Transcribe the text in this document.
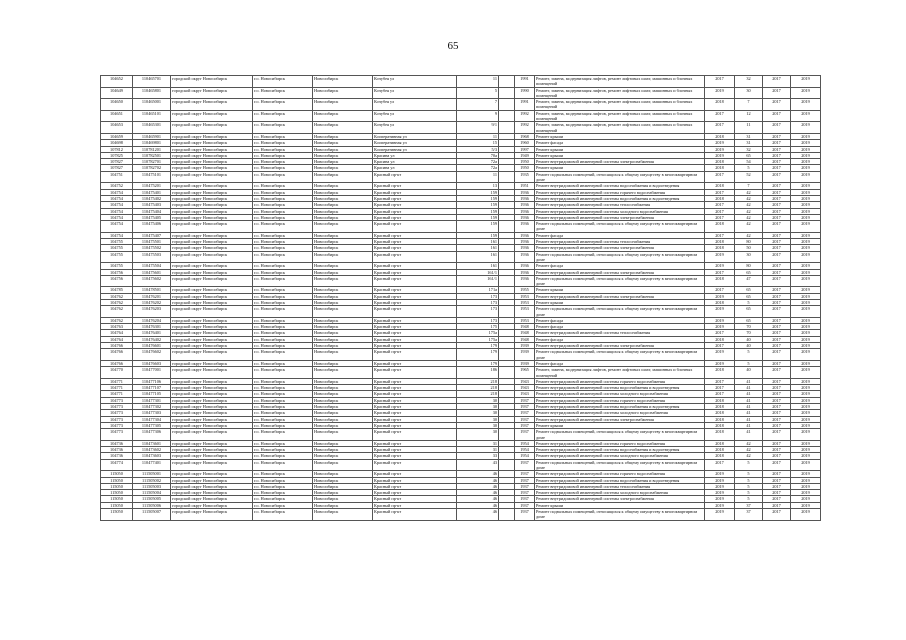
65
104652	110465701	городской округ Новосибирск	г.о. Новосибирск	Новосибирск	Кочубея ул	11		1991	Ремонт, замена, модернизация лифтов, ремонт лифтовых шахт, машинных и блочных помещений	2017	32	2017	2019
104649	110465801	городской округ Новосибирск	г.о. Новосибирск	Новосибирск	Кочубея ул	5		1990	Ремонт, замена, модернизация лифтов, ремонт лифтовых шахт, машинных и блочных помещений	2019	30	2017	2019
104650	110465001	городской округ Новосибирск	г.о. Новосибирск	Новосибирск	Кочубея ул	7		1991	Ремонт, замена, модернизация лифтов, ремонт лифтовых шахт, машинных и блочных помещений	2018	7	2017	2019
104651	110465101	городской округ Новосибирск	г.о. Новосибирск	Новосибирск	Кочубея ул	9		1992	Ремонт, замена, модернизация лифтов, ремонт лифтовых шахт, машинных и блочных помещений	2017	12	2017	2019
104653	110465301	городской округ Новосибирск	г.о. Новосибирск	Новосибирск	Кочубея ул	9/1		1992	Ремонт, замена, модернизация лифтов, ремонт лифтовых шахт, машинных и блочных помещений	2017	11	2017	2019
104659	110465901	городской округ Новосибирск	г.о. Новосибирск	Новосибирск	Кооперативная ул	11		1968	Ремонт крыши	2018	31	2017	2019
104698	110469801	городской округ Новосибирск	г.о. Новосибирск	Новосибирск	Кооперативная ул	15		1960	Ремонт фасада	2019	31	2017	2019
107812	110781201	городской округ Новосибирск	г.о. Новосибирск	Новосибирск	Кооперативная ул	5/3		1997	Ремонт крыши	2019	32	2017	2019
107825	110782501	городской округ Новосибирск	г.о. Новосибирск	Новосибирск	Красина ул	70а		1949	Ремонт крыши	2019	65	2017	2019
107827	110782701	городской округ Новосибирск	г.о. Новосибирск	Новосибирск	Красина ул	72а		1950	Ремонт внутридомовой инженерной системы электроснабжения	2018	54	2017	2019
107827	110782702	городской округ Новосибирск	г.о. Новосибирск	Новосибирск	Красина ул	72а		1950	Ремонт крыши	2018	5	2017	2019
104751	110475101	городской округ Новосибирск	г.о. Новосибирск	Новосибирск	Красный пр-кт	11		1935	Ремонт подвальных помещений, относящихся к общему имуществу в многоквартирном доме	2017	52	2017	2019
104752	110475201	городской округ Новосибирск	г.о. Новосибирск	Новосибирск	Красный пр-кт	13		1951	Ремонт внутридомовой инженерной системы водоснабжения и водоотведения	2018	7	2017	2019
104754	110475401	городской округ Новосибирск	г.о. Новосибирск	Новосибирск	Красный пр-кт	159		1936	Ремонт внутридомовой инженерной системы горячего водоснабжения	2017	42	2017	2019
104754	110475402	городской округ Новосибирск	г.о. Новосибирск	Новосибирск	Красный пр-кт	159		1936	Ремонт внутридомовой инженерной системы водоснабжения и водоотведения	2018	42	2017	2019
104754	110475403	городской округ Новосибирск	г.о. Новосибирск	Новосибирск	Красный пр-кт	159		1936	Ремонт внутридомовой инженерной системы теплоснабжения	2017	42	2017	2019
104754	110475404	городской округ Новосибирск	г.о. Новосибирск	Новосибирск	Красный пр-кт	159		1936	Ремонт внутридомовой инженерной системы холодного водоснабжения	2017	42	2017	2019
104754	110475405	городской округ Новосибирск	г.о. Новосибирск	Новосибирск	Красный пр-кт	159		1936	Ремонт внутридомовой инженерной системы электроснабжения	2017	42	2017	2019
104754	110475406	городской округ Новосибирск	г.о. Новосибирск	Новосибирск	Красный пр-кт	159		1936	Ремонт подвальных помещений, относящихся к общему имуществу в многоквартирном доме	2018	42	2017	2019
104754	110475407	городской округ Новосибирск	г.о. Новосибирск	Новосибирск	Красный пр-кт	159		1936	Ремонт фасада	2017	42	2017	2019
104755	110475501	городской округ Новосибирск	г.о. Новосибирск	Новосибирск	Красный пр-кт	161		1936	Ремонт внутридомовой инженерной системы теплоснабжения	2018	80	2017	2019
104755	110475502	городской округ Новосибирск	г.о. Новосибирск	Новосибирск	Красный пр-кт	161		1936	Ремонт внутридомовой инженерной системы электроснабжения	2018	50	2017	2019
104755	110475503	городской округ Новосибирск	г.о. Новосибирск	Новосибирск	Красный пр-кт	161		1936	Ремонт подвальных помещений, относящихся к общему имуществу в многоквартирном доме	2019	30	2017	2019
104755	110475504	городской округ Новосибирск	г.о. Новосибирск	Новосибирск	Красный пр-кт	161		1936	Ремонт фасада	2019	80	2017	2019
104756	110475601	городской округ Новосибирск	г.о. Новосибирск	Новосибирск	Красный пр-кт	161/1		1936	Ремонт внутридомовой инженерной системы электроснабжения	2017	65	2017	2019
104756	110475602	городской округ Новосибирск	г.о. Новосибирск	Новосибирск	Красный пр-кт	161/1		1936	Ремонт подвальных помещений, относящихся к общему имуществу в многоквартирном доме	2018	47	2017	2019
104785	110478501	городской округ Новосибирск	г.о. Новосибирск	Новосибирск	Красный пр-кт	171а		1955	Ремонт крыши	2017	65	2017	2019
104762	110476201	городской округ Новосибирск	г.о. Новосибирск	Новосибирск	Красный пр-кт	173		1953	Ремонт внутридомовой инженерной системы электроснабжения	2019	65	2017	2019
104762	110476202	городской округ Новосибирск	г.о. Новосибирск	Новосибирск	Красный пр-кт	173		1953	Ремонт крыши	2018	5	2017	2019
104762	110476203	городской округ Новосибирск	г.о. Новосибирск	Новосибирск	Красный пр-кт	173		1953	Ремонт подвальных помещений, относящихся к общему имуществу в многоквартирном доме	2019	65	2017	2019
104762	110476204	городской округ Новосибирск	г.о. Новосибирск	Новосибирск	Красный пр-кт	173		1953	Ремонт фасада	2019	65	2017	2019
104763	110476301	городской округ Новосибирск	г.о. Новосибирск	Новосибирск	Красный пр-кт	175		1948	Ремонт фасада	2019	70	2017	2019
104764	110476401	городской округ Новосибирск	г.о. Новосибирск	Новосибирск	Красный пр-кт	175а		1948	Ремонт внутридомовой инженерной системы теплоснабжения	2017	70	2017	2019
104764	110476402	городской округ Новосибирск	г.о. Новосибирск	Новосибирск	Красный пр-кт	175а		1948	Ремонт фасада	2018	40	2017	2019
104766	110476601	городской округ Новосибирск	г.о. Новосибирск	Новосибирск	Красный пр-кт	179		1939	Ремонт внутридомовой инженерной системы электроснабжения	2017	40	2017	2019
104766	110476602	городской округ Новосибирск	г.о. Новосибирск	Новосибирск	Красный пр-кт	179		1939	Ремонт подвальных помещений, относящихся к общему имуществу в многоквартирном доме	2019	5	2017	2019
104766	110476603	городской округ Новосибирск	г.о. Новосибирск	Новосибирск	Красный пр-кт	179		1939	Ремонт фасада	2019	5	2017	2019
104770	110477001	городской округ Новосибирск	г.о. Новосибирск	Новосибирск	Красный пр-кт	186		1965	Ремонт, замена, модернизация лифтов, ремонт лифтовых шахт, машинных и блочных помещений	2018	40	2017	2019
104771	110477106	городской округ Новосибирск	г.о. Новосибирск	Новосибирск	Красный пр-кт	218		1943	Ремонт внутридомовой инженерной системы горячего водоснабжения	2017	41	2017	2019
104771	110477107	городской округ Новосибирск	г.о. Новосибирск	Новосибирск	Красный пр-кт	218		1943	Ремонт внутридомовой инженерной системы водоснабжения и водоотведения	2017	41	2017	2019
104771	110477105	городской округ Новосибирск	г.о. Новосибирск	Новосибирск	Красный пр-кт	218		1943	Ремонт внутридомовой инженерной системы холодного водоснабжения	2017	41	2017	2019
104773	110477301	городской округ Новосибирск	г.о. Новосибирск	Новосибирск	Красный пр-кт	30		1937	Ремонт внутридомовой инженерной системы горячего водоснабжения	2018	41	2017	2019
104773	110477302	городской округ Новосибирск	г.о. Новосибирск	Новосибирск	Красный пр-кт	30		1937	Ремонт внутридомовой инженерной системы водоснабжения и водоотведения	2018	41	2017	2019
104773	110477303	городской округ Новосибирск	г.о. Новосибирск	Новосибирск	Красный пр-кт	30		1937	Ремонт внутридомовой инженерной системы холодного водоснабжения	2018	41	2017	2019
104773	110477304	городской округ Новосибирск	г.о. Новосибирск	Новосибирск	Красный пр-кт	30		1937	Ремонт внутридомовой инженерной системы электроснабжения	2018	41	2017	2019
104773	110477305	городской округ Новосибирск	г.о. Новосибирск	Новосибирск	Красный пр-кт	30		1937	Ремонт крыши	2018	41	2017	2019
104773	110477306	городской округ Новосибирск	г.о. Новосибирск	Новосибирск	Красный пр-кт	30		1937	Ремонт подвальных помещений, относящихся к общему имуществу в многоквартирном доме	2018	41	2017	2019
104736	110473601	городской округ Новосибирск	г.о. Новосибирск	Новосибирск	Красный пр-кт	31		1954	Ремонт внутридомовой инженерной системы горячего водоснабжения	2018	42	2017	2019
104736	110473602	городской округ Новосибирск	г.о. Новосибирск	Новосибирск	Красный пр-кт	31		1954	Ремонт внутридомовой инженерной системы водоснабжения и водоотведения	2018	42	2017	2019
104736	110473603	городской округ Новосибирск	г.о. Новосибирск	Новосибирск	Красный пр-кт	33		1954	Ремонт внутридомовой инженерной системы холодного водоснабжения	2018	42	2017	2019
104774	110477401	городской округ Новосибирск	г.о. Новосибирск	Новосибирск	Красный пр-кт	43		1937	Ремонт подвальных помещений, относящихся к общему имуществу в многоквартирном доме	2017	5	2017	2019
115050	111505001	городской округ Новосибирск	г.о. Новосибирск	Новосибирск	Красный пр-кт	46		1937	Ремонт внутридомовой инженерной системы горячего водоснабжения	2019	5	2017	2019
115050	111505002	городской округ Новосибирск	г.о. Новосибирск	Новосибирск	Красный пр-кт	46		1937	Ремонт внутридомовой инженерной системы водоснабжения и водоотведения	2019	5	2017	2019
115050	111505003	городской округ Новосибирск	г.о. Новосибирск	Новосибирск	Красный пр-кт	46		1937	Ремонт внутридомовой инженерной системы теплоснабжения	2019	5	2017	2019
115050	111505004	городской округ Новосибирск	г.о. Новосибирск	Новосибирск	Красный пр-кт	46		1937	Ремонт внутридомовой инженерной системы холодного водоснабжения	2019	5	2017	2019
115050	111505005	городской округ Новосибирск	г.о. Новосибирск	Новосибирск	Красный пр-кт	46		1937	Ремонт внутридомовой инженерной системы электроснабжения	2019	5	2017	2019
115050	111505006	городской округ Новосибирск	г.о. Новосибирск	Новосибирск	Красный пр-кт	46		1937	Ремонт крыши	2019	37	2017	2019
115050	111505007	городской округ Новосибирск	г.о. Новосибирск	Новосибирск	Красный пр-кт	46		1937	Ремонт подвальных помещений, относящихся к общему имуществу в многоквартирном доме	2019	37	2017	2019
